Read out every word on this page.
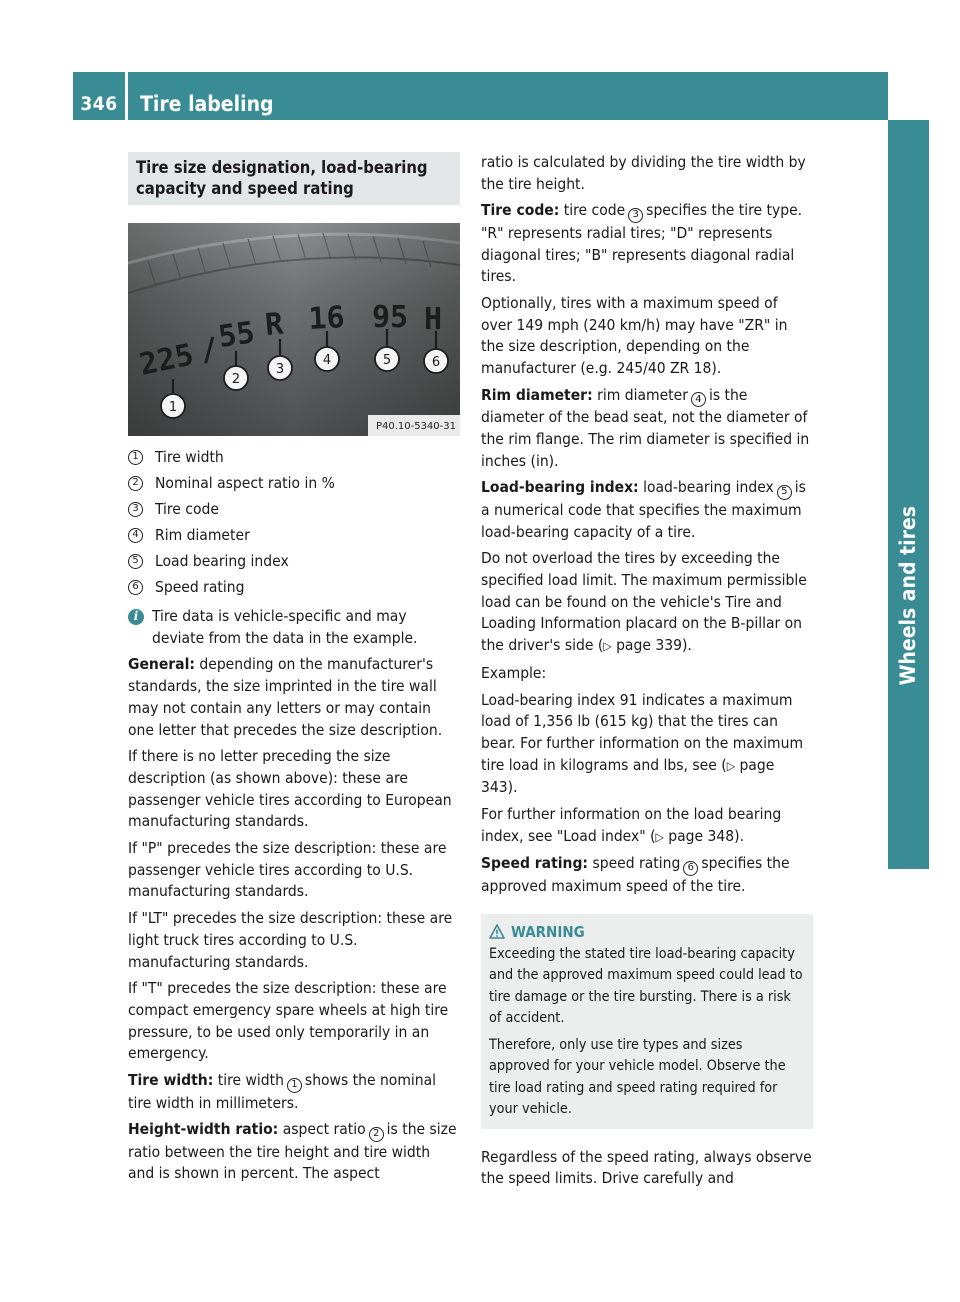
346	Tire labeling
Wheels and tires
Tire size designation, load-bearing capacity and speed rating
225 /
55 R 16 95 H
1
2
3
4	5	6
P40.10-5340-31
1 Tire width
2 Nominal aspect ratio in %
3 Tire code
4 Rim diameter
5 Load bearing index
6 Speed rating
i Tire data is vehicle-specific and may deviate from the data in the example.

General: depending on the manufacturer's standards, the size imprinted in the tire wall may not contain any letters or may contain one letter that precedes the size description.

If there is no letter preceding the size description (as shown above): these are passenger vehicle tires according to European manufacturing standards.

If "P" precedes the size description: these are passenger vehicle tires according to U.S. manufacturing standards.

If "LT" precedes the size description: these are light truck tires according to U.S. manufacturing standards.

If "T" precedes the size description: these are compact emergency spare wheels at high tire pressure, to be used only temporarily in an emergency.

Tire width: tire width 1 shows the nominal tire width in millimeters.

Height-width ratio: aspect ratio 2 is the size ratio between the tire height and tire width and is shown in percent. The aspect

ratio is calculated by dividing the tire width by the tire height.

Tire code: tire code 3 specifies the tire type. "R" represents radial tires; "D" represents diagonal tires; "B" represents diagonal radial tires.

Optionally, tires with a maximum speed of over 149 mph (240 km/h) may have "ZR" in the size description, depending on the manufacturer (e.g. 245/40 ZR 18).

Rim diameter: rim diameter 4 is the diameter of the bead seat, not the diameter of the rim flange. The rim diameter is specified in inches (in).

Load-bearing index: load-bearing index 5 is a numerical code that specifies the maximum load-bearing capacity of a tire.

Do not overload the tires by exceeding the specified load limit. The maximum permissible load can be found on the vehicle's Tire and Loading Information placard on the B-pillar on the driver's side (▷ page 339).

Example:

Load-bearing index 91 indicates a maximum load of 1,356 lb (615 kg) that the tires can bear. For further information on the maximum tire load in kilograms and lbs, see (▷ page 343).

For further information on the load bearing index, see "Load index" (▷ page 348).

Speed rating: speed rating 6 specifies the approved maximum speed of the tire.

WARNING

Exceeding the stated tire load-bearing capacity and the approved maximum speed could lead to tire damage or the tire bursting. There is a risk of accident.

Therefore, only use tire types and sizes approved for your vehicle model. Observe the tire load rating and speed rating required for your vehicle.

Regardless of the speed rating, always observe the speed limits. Drive carefully and
